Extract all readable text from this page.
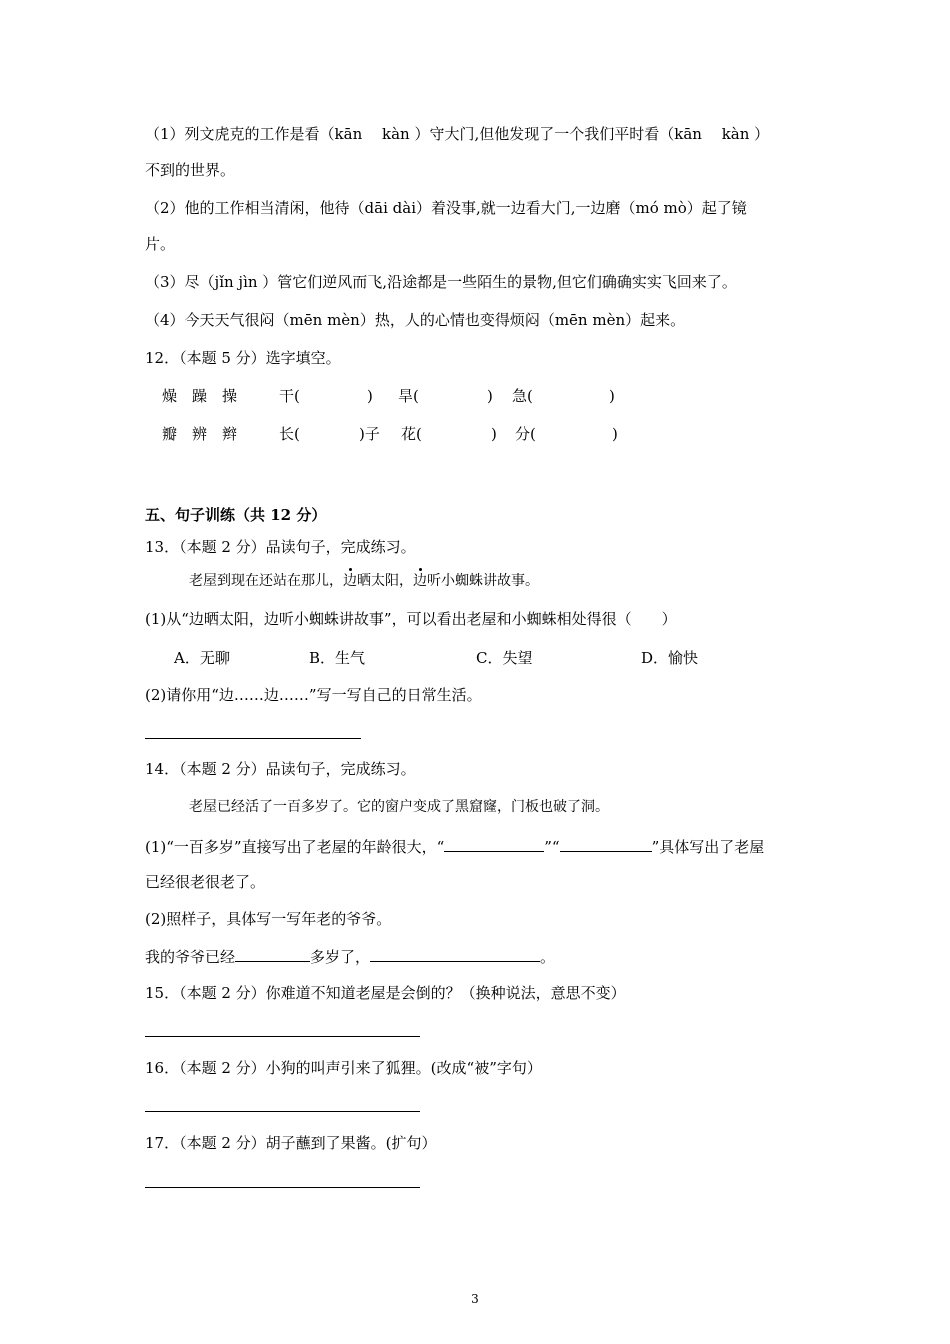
（1）列文虎克的工作是看（kān　 kàn ）守大门,但他发现了一个我们平时看（kān　 kàn ）
不到的世界。
（2）他的工作相当清闲，他待（dāi dài）着没事,就一边看大门,一边磨（mó mò）起了镜
片。
（3）尽（jǐn jìn ）管它们逆风而飞,沿途都是一些陌生的景物,但它们确确实实飞回来了。
（4）今天天气很闷（mēn mèn）热，人的心情也变得烦闷（mēn mèn）起来。
12．（本题 5 分）选字填空。
燥　躁　操	干(	) 旱(	) 急(	)
瓣　辨　辫	长(	)子 花(	) 分(	)
五、句子训练（共 12 分）
13．（本题 2 分）品读句子，完成练习。
老屋到现在还站在那儿，边晒太阳，边听小蜘蛛讲故事。
(1)从“边晒太阳，边听小蜘蛛讲故事”，可以看出老屋和小蜘蛛相处得很（　　）
A．无聊	B．生气	C．失望	D．愉快
(2)请你用“边……边……”写一写自己的日常生活。
14．（本题 2 分）品读句子，完成练习。
老屋已经活了一百多岁了。它的窗户变成了黑窟窿，门板也破了洞。
(1)“一百多岁”直接写出了老屋的年龄很大，“	”“	”具体写出了老屋
已经很老很老了。
(2)照样子，具体写一写年老的爷爷。
我的爷爷已经	多岁了，	。
15．（本题 2 分）你难道不知道老屋是会倒的？（换种说法，意思不变）
16．（本题 2 分）小狗的叫声引来了狐狸。(改成“被”字句）
17．（本题 2 分）胡子蘸到了果酱。(扩句）
3
